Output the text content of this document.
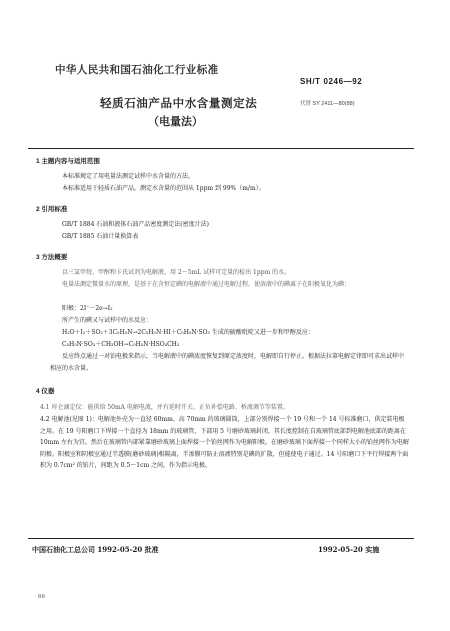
中华人民共和国石油化工行业标准
SH/T 0246—92
轻质石油产品中水含量测定法	代替 SY 2411—80(88)
（电量法）
1 主题内容与适用范围
本标准规定了用电量法测定试样中水含量的方法。
本标准适用于轻质石油产品，测定水含量的范围从 1ppm 到 99%（m/m）。
2 引用标准
GB/T 1884 石油和液体石油产品密度测定法(密度计法)
GB/T 1885 石油计量换算表
3 方法概要
以三氯甲烷、甲醇和卡氏试剂为电解液，用 2～5mL 试样可定量的检出 1ppm 的水。
电量法测定微量水的原理，是基于在含恒定碘的电解液中通过电解过程，使溶液中的碘离子在阳极氧化为碘：
阳极：2I⁻－2e→I₂
所产生的碘又与试样中的水反应：
H₂O＋I₂＋SO₂＋3C₅H₅N→2C₅H₅N·HI＋C₅H₅N·SO₃ 生成的硫酸吡啶又进一步和甲醇反应：
C₅H₅N·SO₃＋CH₃OH→C₅H₅N·HSO₄CH₃
反应终点通过一对铂电极来指示，当电解液中的碘浓度恢复到原定浓度时，电解即自行停止。根据法拉第电解定律即可求出试样中相应的水含量。
4 仪器
4.1 库仑滴定仪：能供给 50mA 电解电流，并有延时开关、正负补偿电路、桥流调节等装置。
4.2 电解池(见图 1)：电解池外壳为一直径 60mm、高 70mm 的玻璃圆筒，上部分别焊接一个 19 号和一个 14 号标准磨口，供定装电极之用。在 19 号阳磨口下焊接一个直径为 18mm 的玻璃管，下部用 5 号磨砂玻璃封闭，其长度控制在自玻璃管底部到电解池底部的距离在 10mm 左右为宜。然后在玻璃管内部紧靠磨砂玻璃上面焊接一个铂丝网作为电解阳极。在磨砂玻璃下面焊接一个同样大小的铂丝网作为电解阴极。阳极室和阴极室通过半透膜(磨砂玻璃)相隔离，半渗膜可防止溶液特别是碘的扩散，但能使电子通过。14 号阳磨口下平行焊接两个面积为 0.7cm² 的铂片，间距为 0.5～1cm 之间，作为指示电极。
中国石油化工总公司 1992-05-20 批准	1992-05-20 实施
66
